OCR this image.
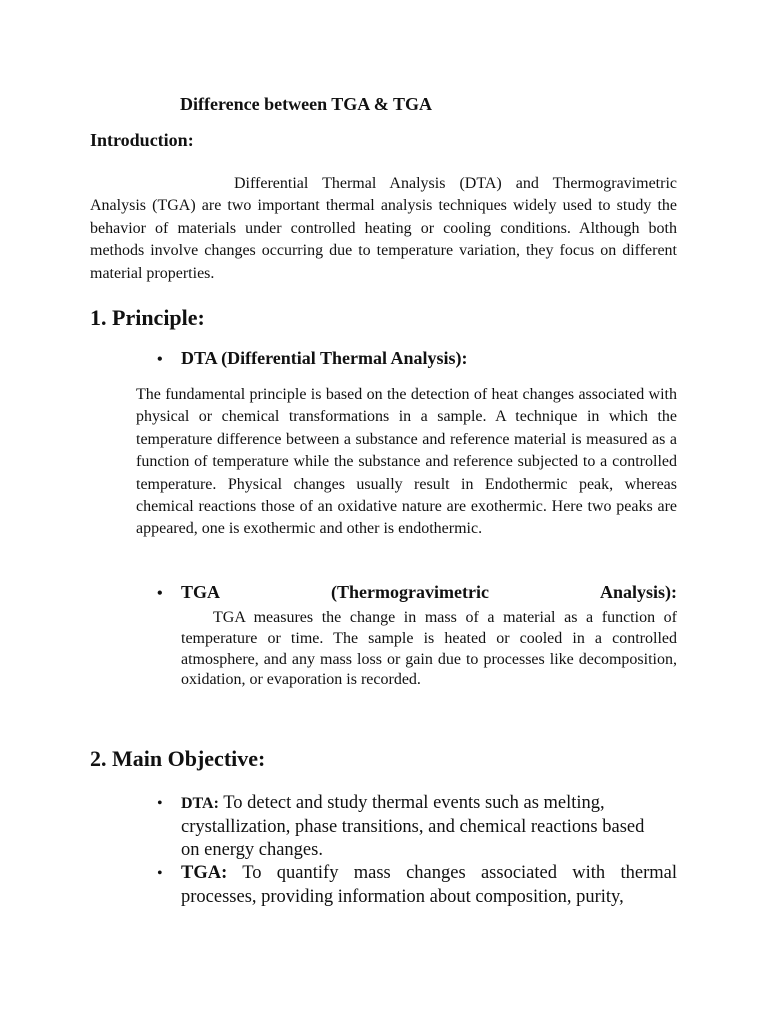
Difference between TGA & TGA
Introduction:

Differential Thermal Analysis (DTA) and Thermogravimetric Analysis (TGA) are two important thermal analysis techniques widely used to study the behavior of materials under controlled heating or cooling conditions. Although both methods involve changes occurring due to temperature variation, they focus on different material properties.

1. Principle:
•	DTA (Differential Thermal Analysis):

The fundamental principle is based on the detection of heat changes associated with physical or chemical transformations in a sample. A technique in which the temperature difference between a substance and reference material is measured as a function of temperature while the substance and reference subjected to a controlled temperature. Physical changes usually result in Endothermic peak, whereas chemical reactions those of an oxidative nature are exothermic. Here two peaks are appeared, one is exothermic and other is endothermic.

•	TGA	(Thermogravimetric	Analysis):

TGA measures the change in mass of a material as a function of temperature or time. The sample is heated or cooled in a controlled atmosphere, and any mass loss or gain due to processes like decomposition, oxidation, or evaporation is recorded.

2. Main Objective:
•	DTA: To detect and study thermal events such as melting, crystallization, phase transitions, and chemical reactions based on energy changes.

• TGA: To quantify mass changes associated with thermal processes, providing information about composition, purity,
